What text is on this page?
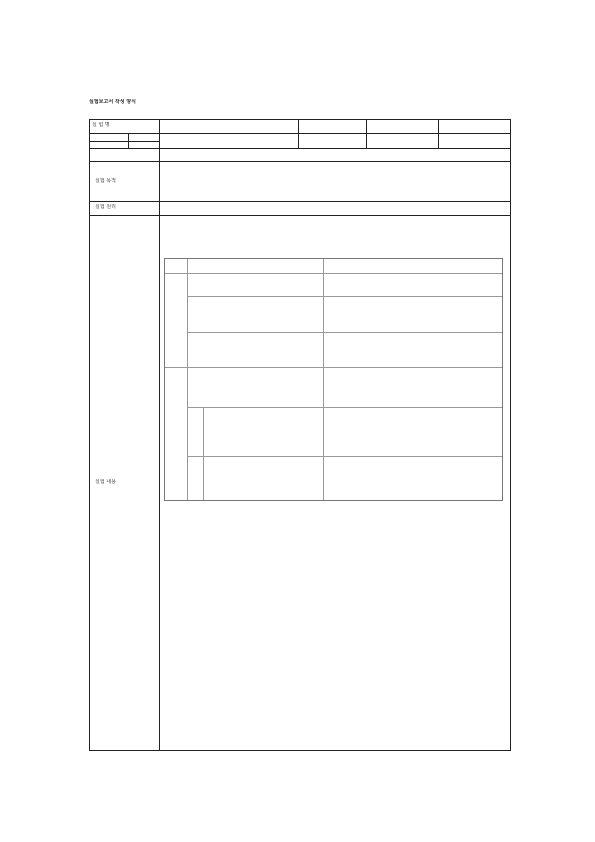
실험보고서 작성 양식
실 험 명
실험 목적
실험 원리
실험 내용
